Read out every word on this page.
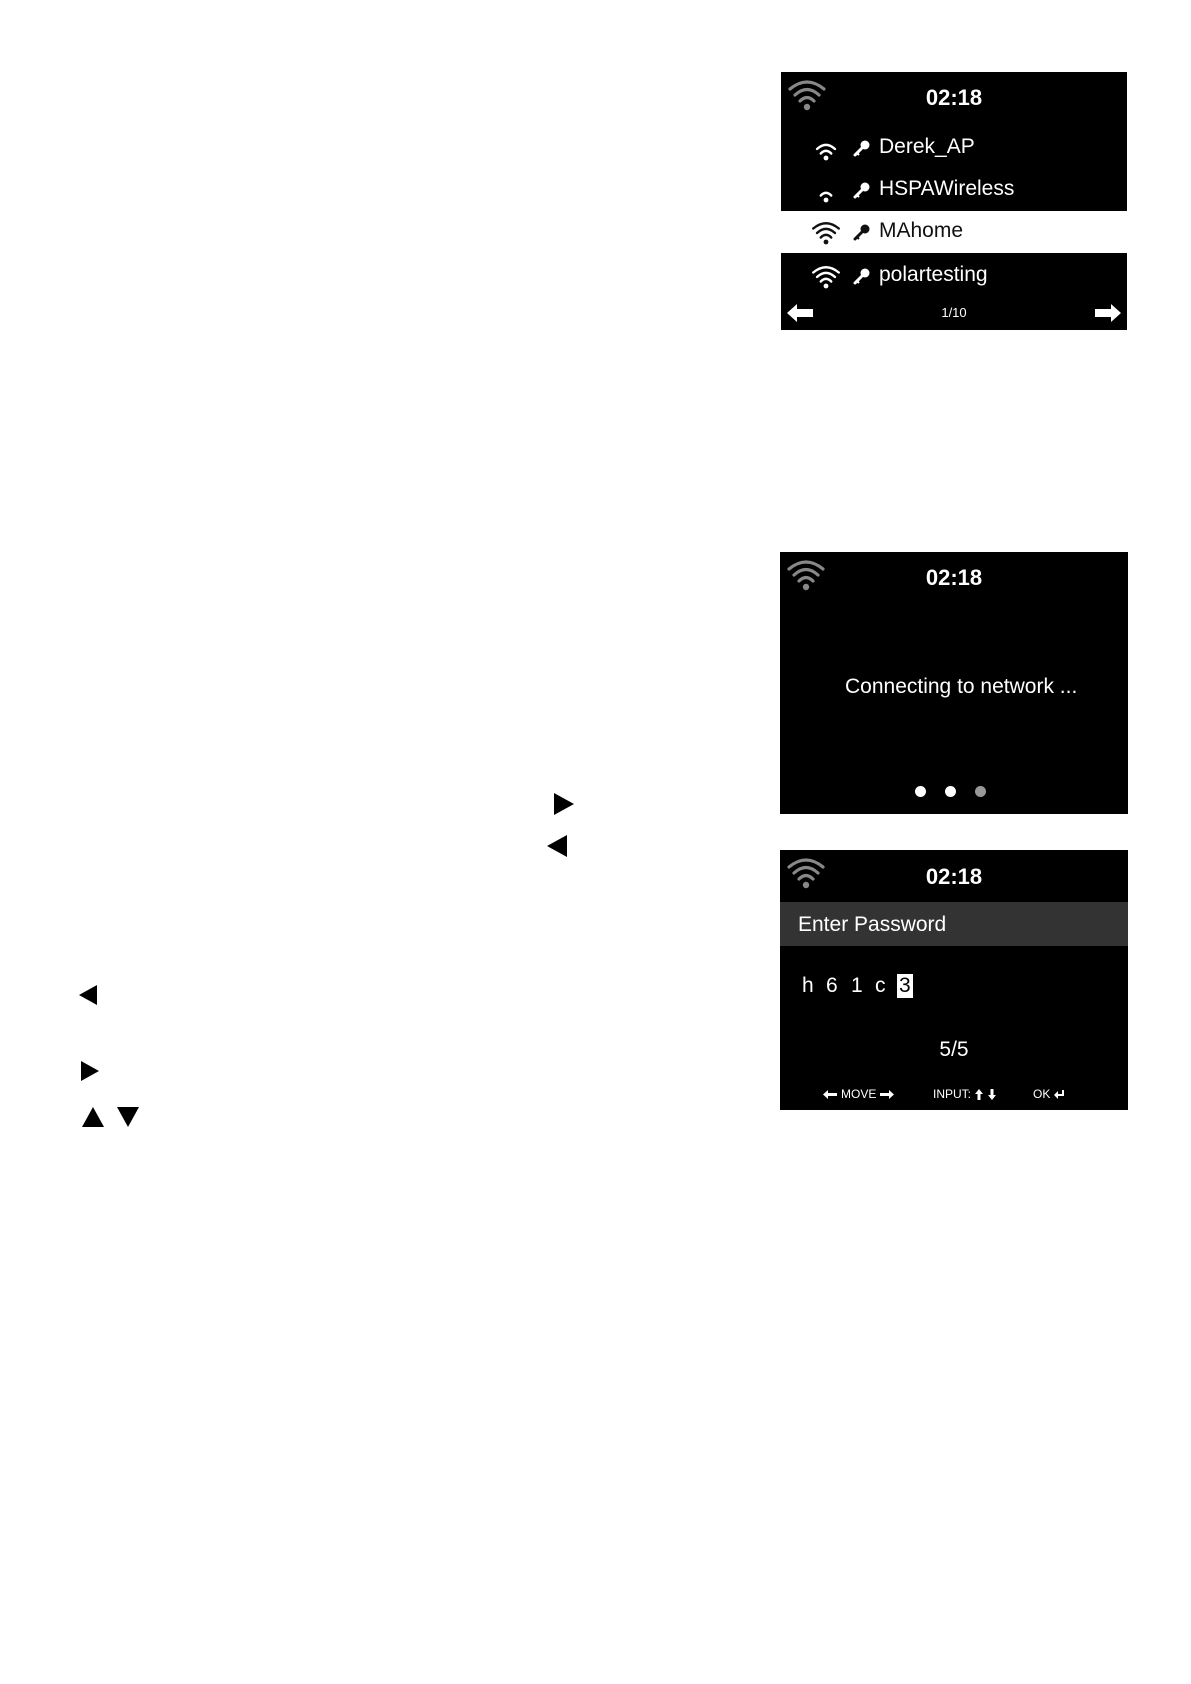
02:18
Derek_AP
HSPAWireless
MAhome
polartesting
1/10
02:18
Connecting to network ...
02:18
Enter Password
h 6 1 c 3
5/5
MOVE	INPUT:	OK
